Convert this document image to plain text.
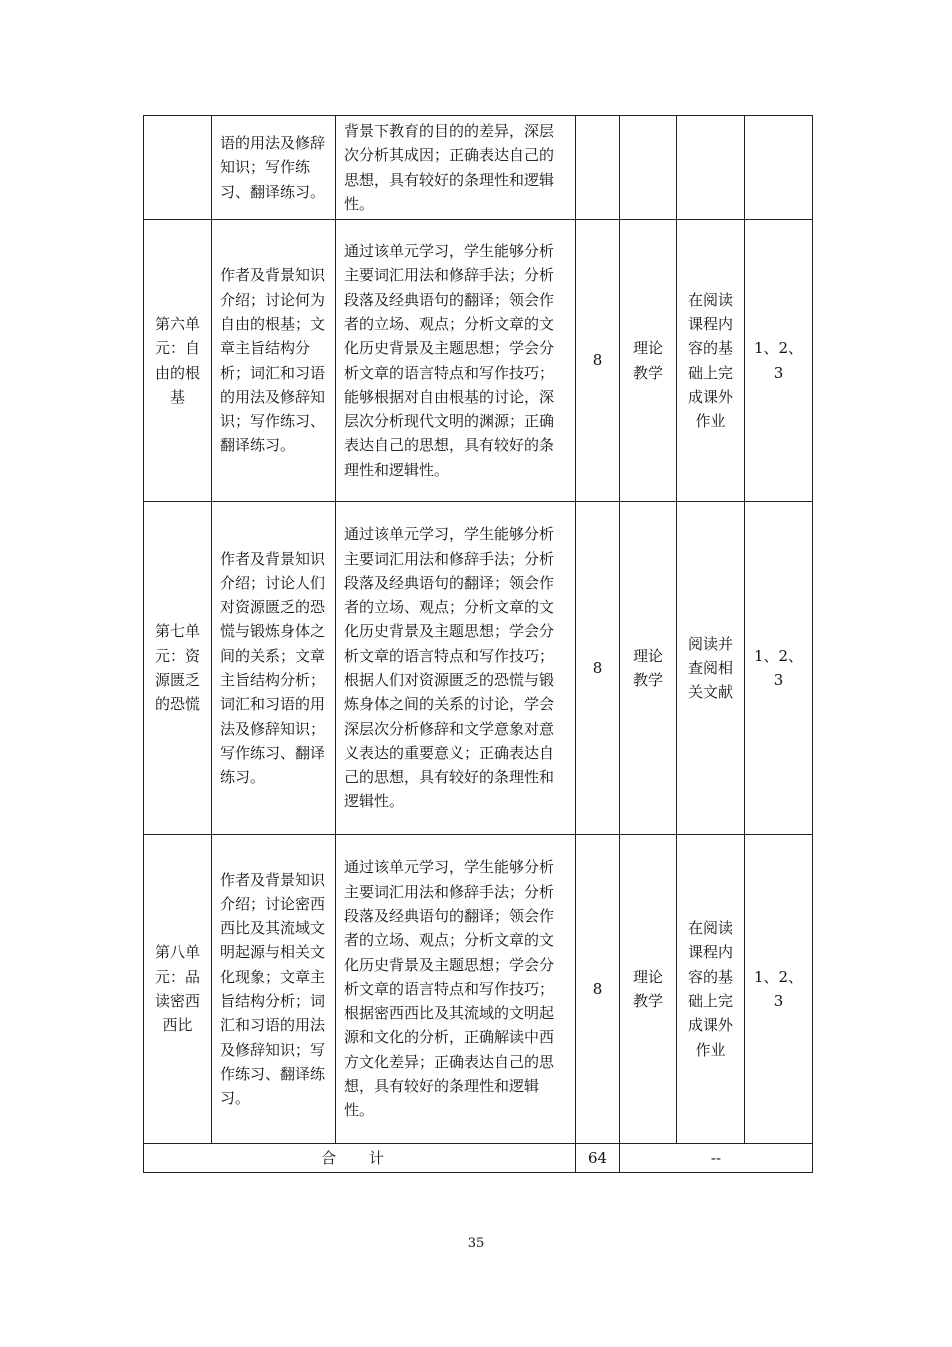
	语的用法及修辞知识；写作练习、翻译练习。	背景下教育的目的的差异，深层次分析其成因；正确表达自己的思想，具有较好的条理性和逻辑性。				
第六单元：自由的根基	作者及背景知识介绍；讨论何为自由的根基；文章主旨结构分析；词汇和习语的用法及修辞知识；写作练习、翻译练习。	通过该单元学习，学生能够分析主要词汇用法和修辞手法；分析段落及经典语句的翻译；领会作者的立场、观点；分析文章的文化历史背景及主题思想；学会分析文章的语言特点和写作技巧；能够根据对自由根基的讨论，深层次分析现代文明的渊源；正确表达自己的思想，具有较好的条理性和逻辑性。	8	理论教学	在阅读课程内容的基础上完成课外作业	1、2、3
第七单元：资源匮乏的恐慌	作者及背景知识介绍；讨论人们对资源匮乏的恐慌与锻炼身体之间的关系；文章主旨结构分析；词汇和习语的用法及修辞知识；写作练习、翻译练习。	通过该单元学习，学生能够分析主要词汇用法和修辞手法；分析段落及经典语句的翻译；领会作者的立场、观点；分析文章的文化历史背景及主题思想；学会分析文章的语言特点和写作技巧；根据人们对资源匮乏的恐慌与锻炼身体之间的关系的讨论，学会深层次分析修辞和文学意象对意义表达的重要意义；正确表达自己的思想，具有较好的条理性和逻辑性。	8	理论教学	阅读并查阅相关文献	1、2、3
第八单元：品读密西西比	作者及背景知识介绍；讨论密西西比及其流域文明起源与相关文化现象；文章主旨结构分析；词汇和习语的用法及修辞知识；写作练习、翻译练习。	通过该单元学习，学生能够分析主要词汇用法和修辞手法；分析段落及经典语句的翻译；领会作者的立场、观点；分析文章的文化历史背景及主题思想；学会分析文章的语言特点和写作技巧；根据密西西比及其流域的文明起源和文化的分析，正确解读中西方文化差异；正确表达自己的思想，具有较好的条理性和逻辑性。	8	理论教学	在阅读课程内容的基础上完成课外作业	1、2、3
合 计			64	--		
35
